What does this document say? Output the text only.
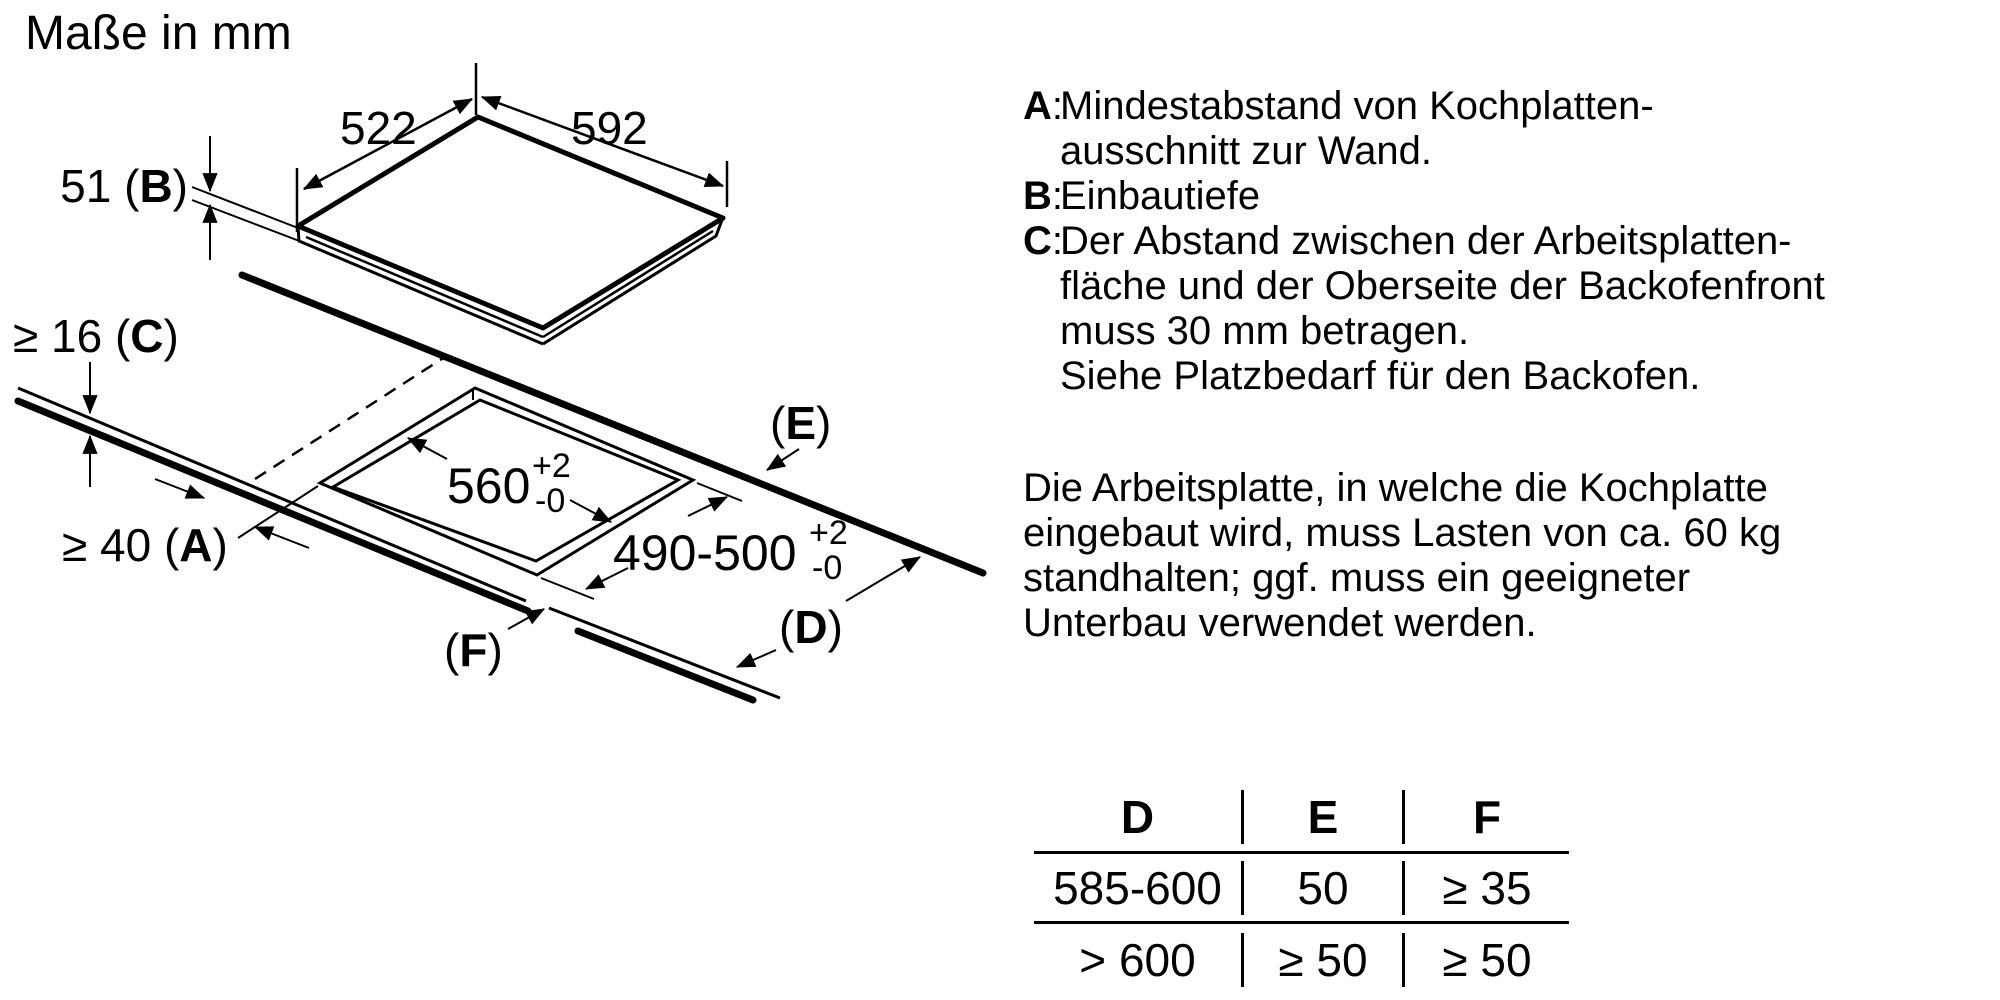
Maße in mm
522	592
51 (B)
≥ 16 (C)
≥ 40 (A)
560 +2
-0
490-500 +2
-0
(E)
(D)
(F)
A:Mindestabstand von Kochplatten-
ausschnitt zur Wand.
B:Einbautiefe
C:Der Abstand zwischen der Arbeitsplatten-
fläche und der Oberseite der Backofenfront
muss 30 mm betragen.
Siehe Platzbedarf für den Backofen.
Die Arbeitsplatte, in welche die Kochplatte
eingebaut wird, muss Lasten von ca. 60 kg
standhalten; ggf. muss ein geeigneter
Unterbau verwendet werden.
D	E	F
585-600	50	≥ 35
> 600	≥ 50	≥ 50
